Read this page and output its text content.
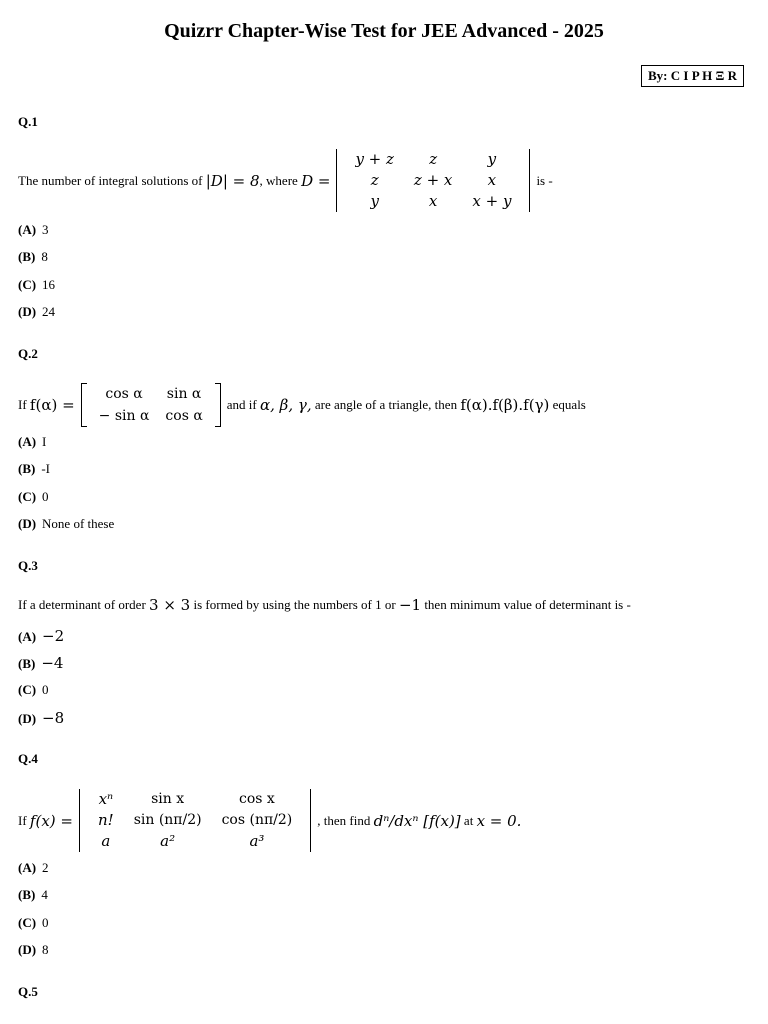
Quizrr Chapter-Wise Test for JEE Advanced - 2025
By: C I P H Ξ R
Q.1
The number of integral solutions of
|D| = 8 , where
D =
y + z	z	y
z	z + x	x
y	x	x + y
is -
(A) 3
(B) 8
(C) 16
(D) 24
Q.2
If
f(α) =
cos α	sin α
− sin α	cos α
and if
α, β, γ,
are angle of a triangle, then
f(α).f(β).f(γ)
equals
(A) I
(B) -I
(C) 0
(D) None of these
Q.3
If a determinant of order
3 × 3
is formed by using the numbers of 1 or
−1
then minimum value of determinant is -
(A) −2
(B) −4
(C) 0
(D) −8
Q.4
If
f(x) =
xⁿ	sin x	cos x
n!	sin (nπ/2)	cos (nπ/2)
a	a²	a³
, then find
dⁿ/dxⁿ [f(x)]
at
x = 0.
(A) 2
(B) 4
(C) 0
(D) 8
Q.5
